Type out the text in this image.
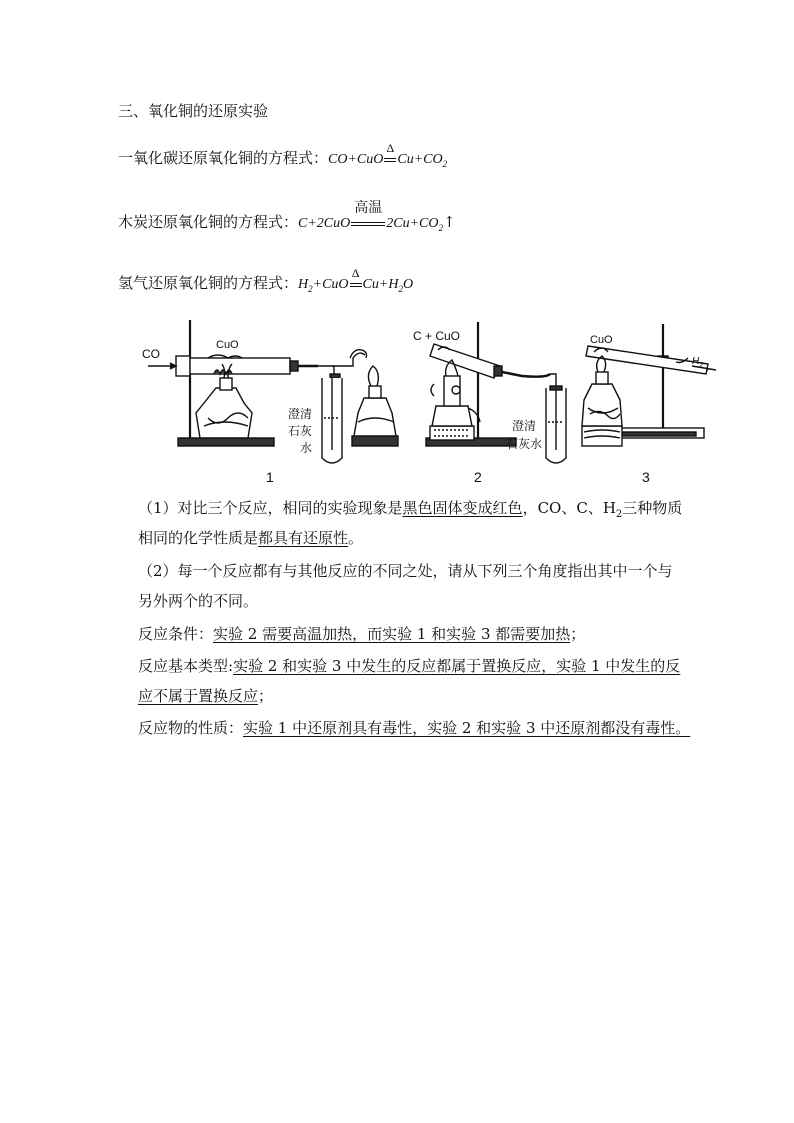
三、氧化铜的还原实验
一氧化碳还原氧化铜的方程式：CO+CuO
Δ
$Cu+CO_2$
木炭还原氧化铜的方程式：C+2CuO
高温
$2Cu+CO_2↑$
氢气还原氧化铜的方程式：$H_2+CuO$
Δ
$Cu+H_2O$
CO
CuO
澄清
石灰
水
C + CuO
澄清
石灰水
CuO
$H_2$
1	2	3
（1）对比三个反应，相同的实验现象是黑色固体变成红色，CO、C、$H_2$三种物质
相同的化学性质是都具有还原性。
（2）每一个反应都有与其他反应的不同之处，请从下列三个角度指出其中一个与
另外两个的不同。
反应条件：实验 2 需要高温加热，而实验 1 和实验 3 都需要加热；
反应基本类型:实验 2 和实验 3 中发生的反应都属于置换反应，实验 1 中发生的反
应不属于置换反应；
反应物的性质：实验 1 中还原剂具有毒性，实验 2 和实验 3 中还原剂都没有毒性。
